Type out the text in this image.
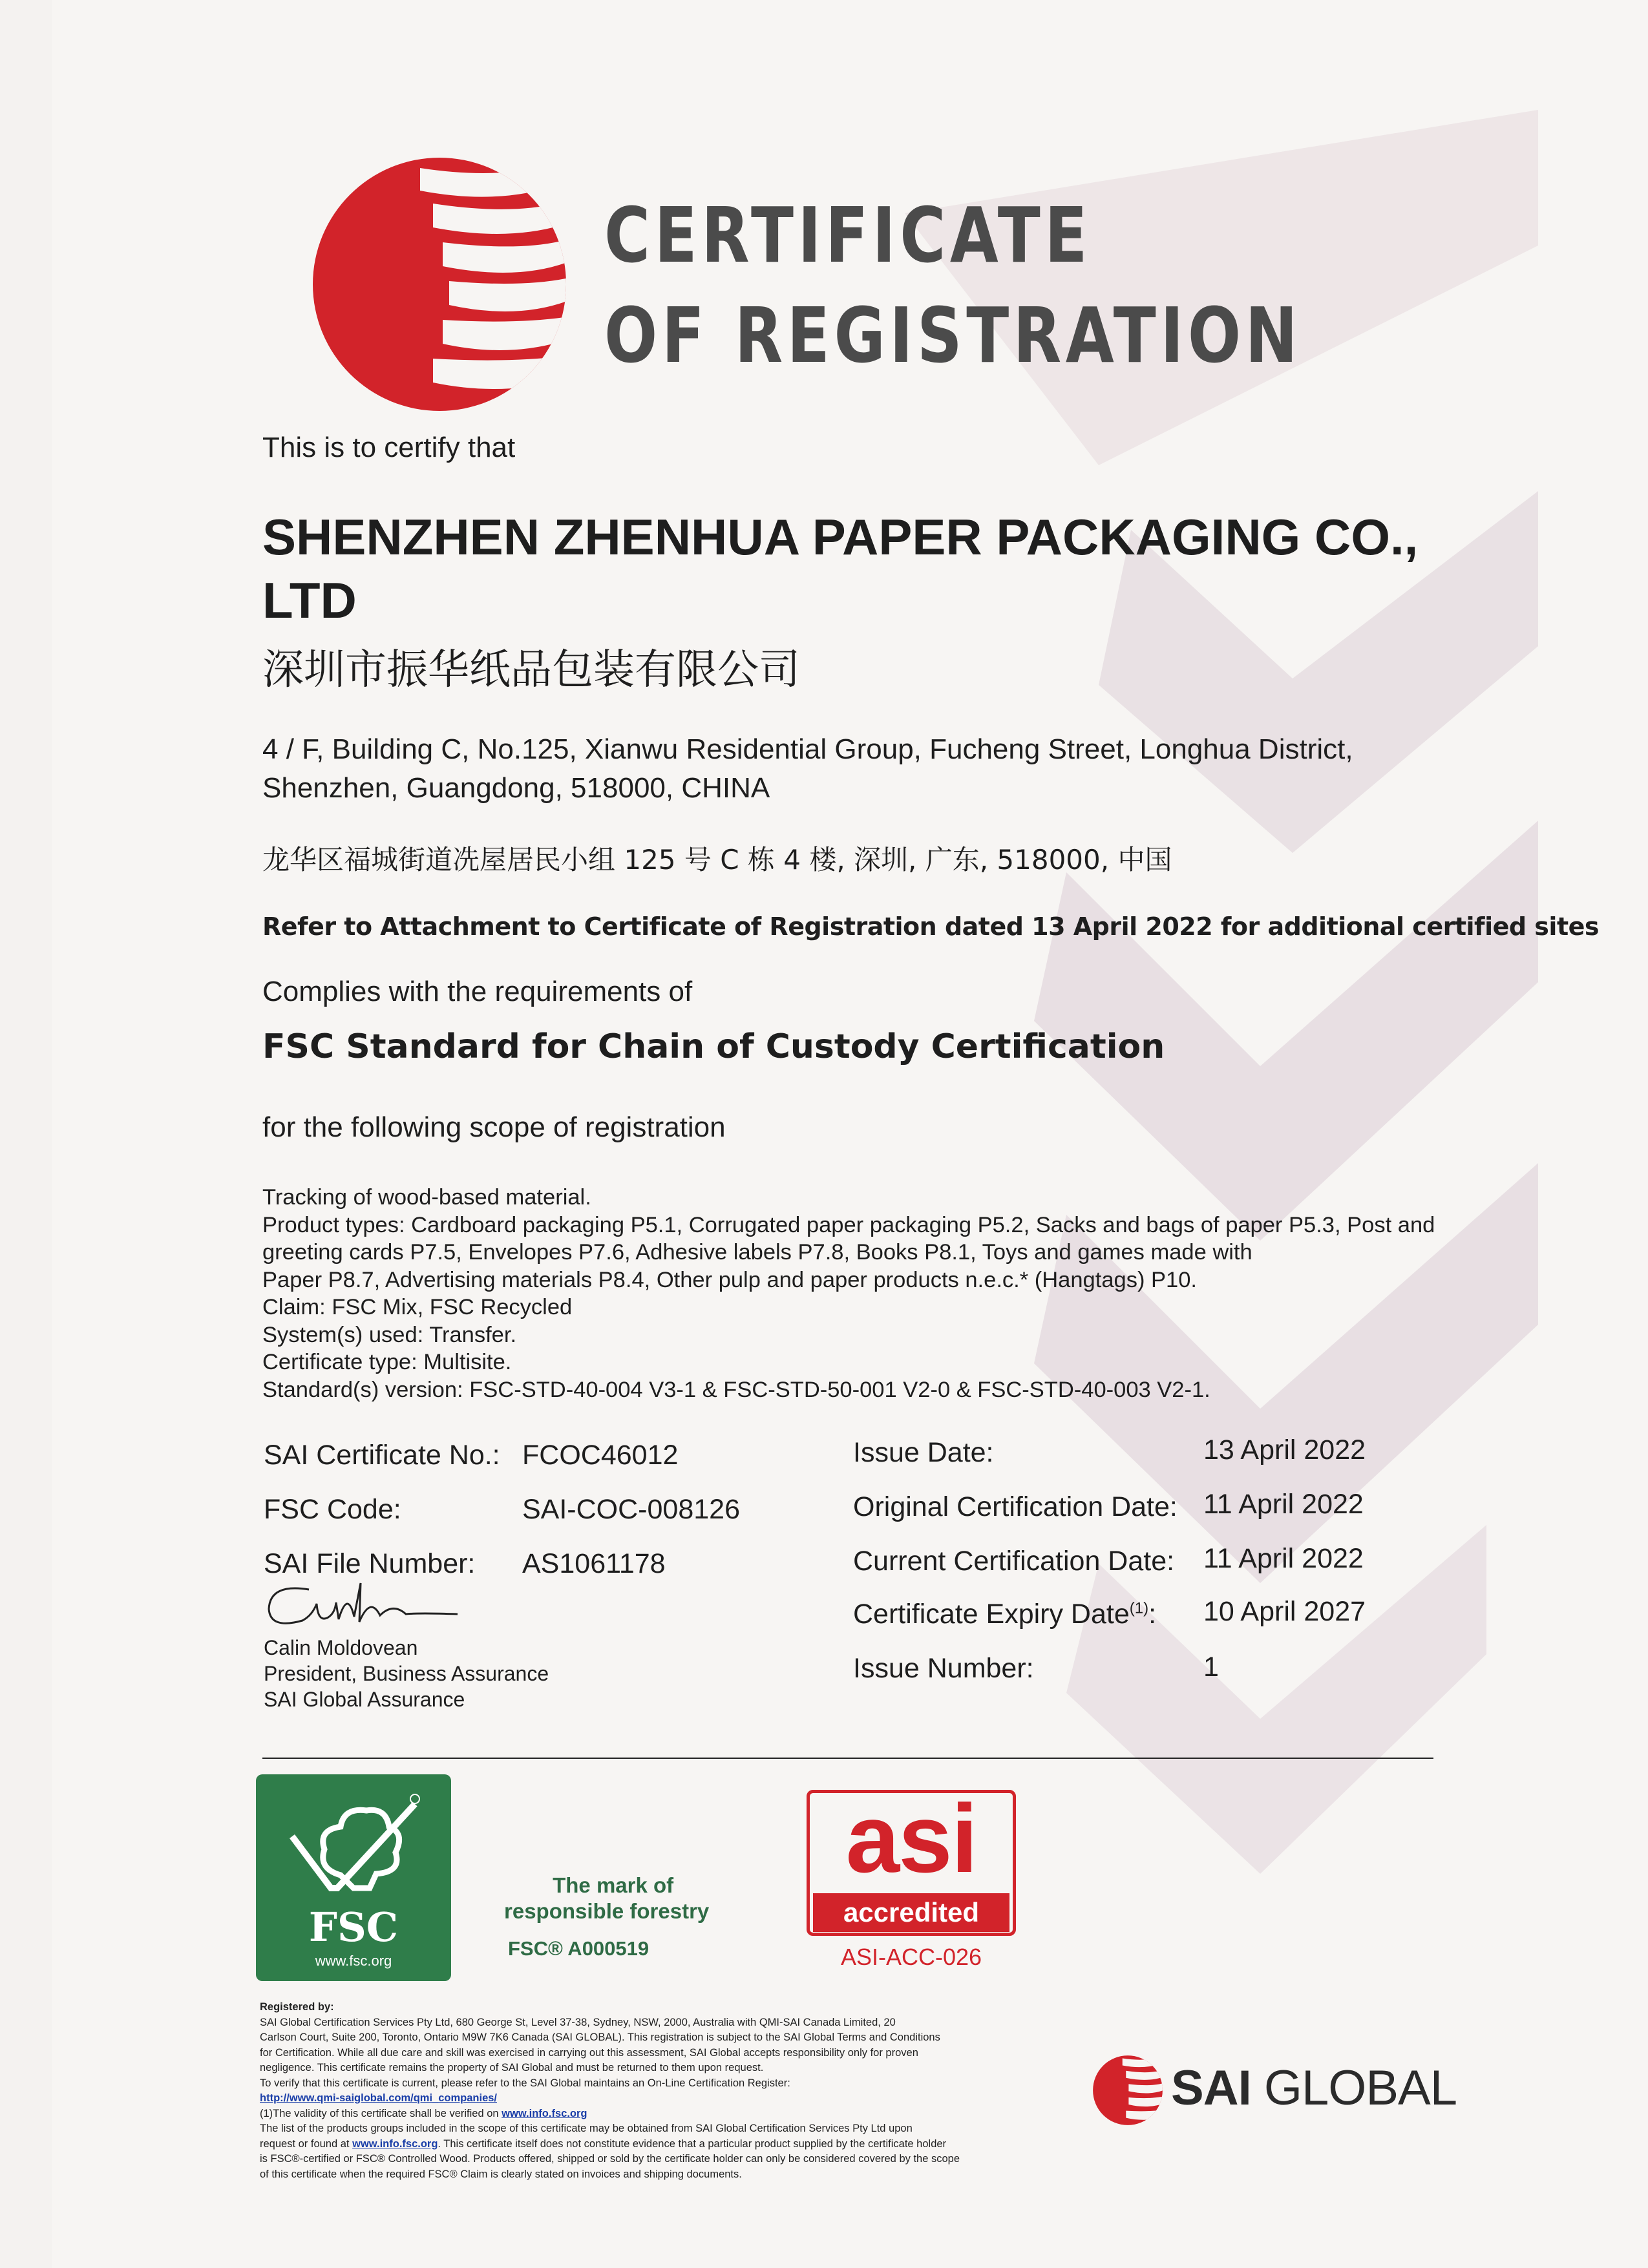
CERTIFICATE
OF REGISTRATION
This is to certify that
SHENZHEN ZHENHUA PAPER PACKAGING CO., LTD
深圳市振华纸品包装有限公司
4 / F, Building C, No.125, Xianwu Residential Group, Fucheng Street, Longhua District,
Shenzhen, Guangdong, 518000, CHINA
龙华区福城街道冼屋居民小组 125 号 C 栋 4 楼, 深圳, 广东, 518000, 中国
Refer to Attachment to Certificate of Registration dated 13 April 2022 for additional certified sites
Complies with the requirements of
FSC Standard for Chain of Custody Certification
for the following scope of registration
Tracking of wood-based material.
Product types: Cardboard packaging P5.1, Corrugated paper packaging P5.2, Sacks and bags of paper P5.3, Post and
greeting cards P7.5, Envelopes P7.6, Adhesive labels P7.8, Books P8.1, Toys and games made with
Paper P8.7, Advertising materials P8.4, Other pulp and paper products n.e.c.* (Hangtags) P10.
Claim: FSC Mix, FSC Recycled
System(s) used: Transfer.
Certificate type: Multisite.
Standard(s) version: FSC-STD-40-004 V3-1 & FSC-STD-50-001 V2-0 & FSC-STD-40-003 V2-1.
SAI Certificate No.: FCOC46012
FSC Code:	SAI-COC-008126
SAI File Number: AS1061178
Issue Date:	13 April 2022
Original Certification Date: 11 April 2022
Current Certification Date: 11 April 2022
Certificate Expiry Date$^{(1)}$: 10 April 2027
Issue Number:	1
Calin Moldovean
President, Business Assurance
SAI Global Assurance
FSC
www.fsc.org
The mark of
responsible forestry
FSC® A000519
asi
accredited
ASI-ACC-026
Registered by:
SAI Global Certification Services Pty Ltd, 680 George St, Level 37-38, Sydney, NSW, 2000, Australia with QMI-SAI Canada Limited, 20
Carlson Court, Suite 200, Toronto, Ontario M9W 7K6 Canada (SAI GLOBAL). This registration is subject to the SAI Global Terms and Conditions
for Certification. While all due care and skill was exercised in carrying out this assessment, SAI Global accepts responsibility only for proven
negligence. This certificate remains the property of SAI Global and must be returned to them upon request.
To verify that this certificate is current, please refer to the SAI Global maintains an On-Line Certification Register:
http://www.qmi-saiglobal.com/qmi_companies/
(1)The validity of this certificate shall be verified on www.info.fsc.org
The list of the products groups included in the scope of this certificate may be obtained from SAI Global Certification Services Pty Ltd upon
request or found at www.info.fsc.org. This certificate itself does not constitute evidence that a particular product supplied by the certificate holder
is FSC®-certified or FSC® Controlled Wood. Products offered, shipped or sold by the certificate holder can only be considered covered by the scope
of this certificate when the required FSC® Claim is clearly stated on invoices and shipping documents.
SAI GLOBAL
